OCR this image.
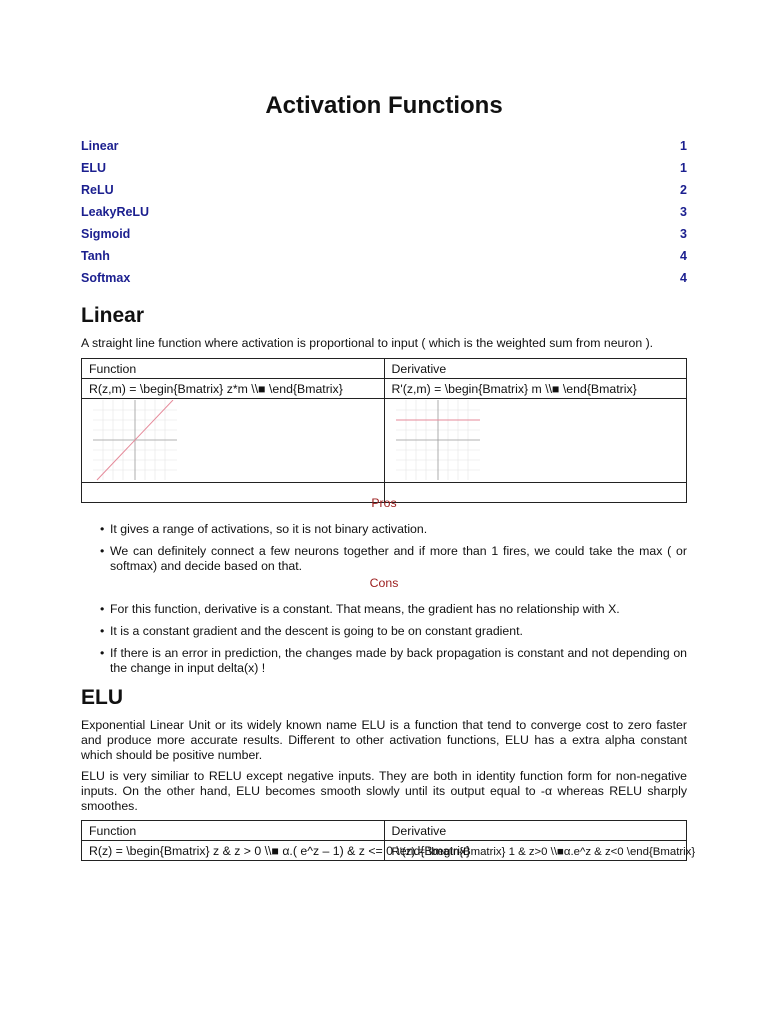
Activation Functions
Linear	1
ELU	1
ReLU	2
LeakyReLU	3
Sigmoid	3
Tanh	4
Softmax	4
Linear

A straight line function where activation is proportional to input ( which is the weighted sum from neuron ).

Function	Derivative
R(z,m) = \begin{Bmatrix} z*m \\■ \end{Bmatrix}	R'(z,m) = \begin{Bmatrix} m \\■ \end{Bmatrix}

Pros
• It gives a range of activations, so it is not binary activation.
• We can definitely connect a few neurons together and if more than 1 fires, we could take the max ( or softmax) and decide based on that.
Cons
• For this function, derivative is a constant. That means, the gradient has no relationship with X.
• It is a constant gradient and the descent is going to be on constant gradient.
• If there is an error in prediction, the changes made by back propagation is constant and not depending on the change in input delta(x) !
ELU

Exponential Linear Unit or its widely known name ELU is a function that tend to converge cost to zero faster and produce more accurate results. Different to other activation functions, ELU has a extra alpha constant which should be positive number.

ELU is very similiar to RELU except negative inputs. They are both in identity function form for non-negative inputs. On the other hand, ELU becomes smooth slowly until its output equal to -α whereas RELU sharply smoothes.

Function	Derivative
R(z) = \begin{Bmatrix} z & z > 0 \\■ α.( e^z – 1) & z <= 0 \end{Bmatrix}	R'(z) = \begin{Bmatrix} 1 & z>0 \\■α.e^z & z<0 \end{Bmatrix}
